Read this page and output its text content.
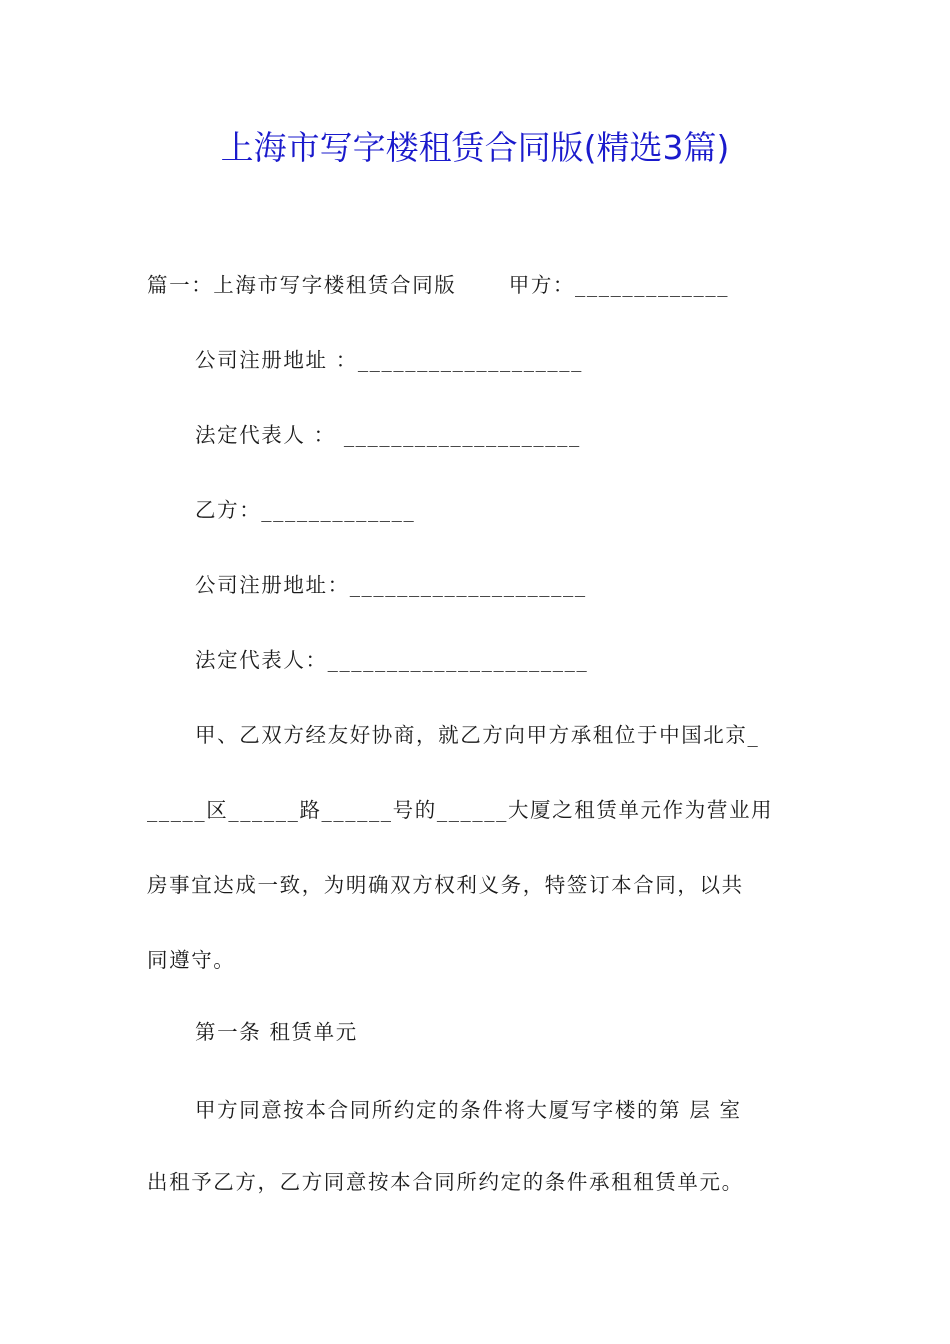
上海市写字楼租赁合同版(精选3篇)
篇一：上海市写字楼租赁合同版　　 甲方：_____________
公司注册地址 ：___________________
法定代表人 ： ____________________
乙方：_____________
公司注册地址：____________________
法定代表人：______________________
甲、乙双方经友好协商，就乙方向甲方承租位于中国北京_
_____区______路______号的______大厦之租赁单元作为营业用
房事宜达成一致，为明确双方权利义务，特签订本合同，以共
同遵守。
第一条 租赁单元
甲方同意按本合同所约定的条件将大厦写字楼的第 层 室
出租予乙方，乙方同意按本合同所约定的条件承租租赁单元。
